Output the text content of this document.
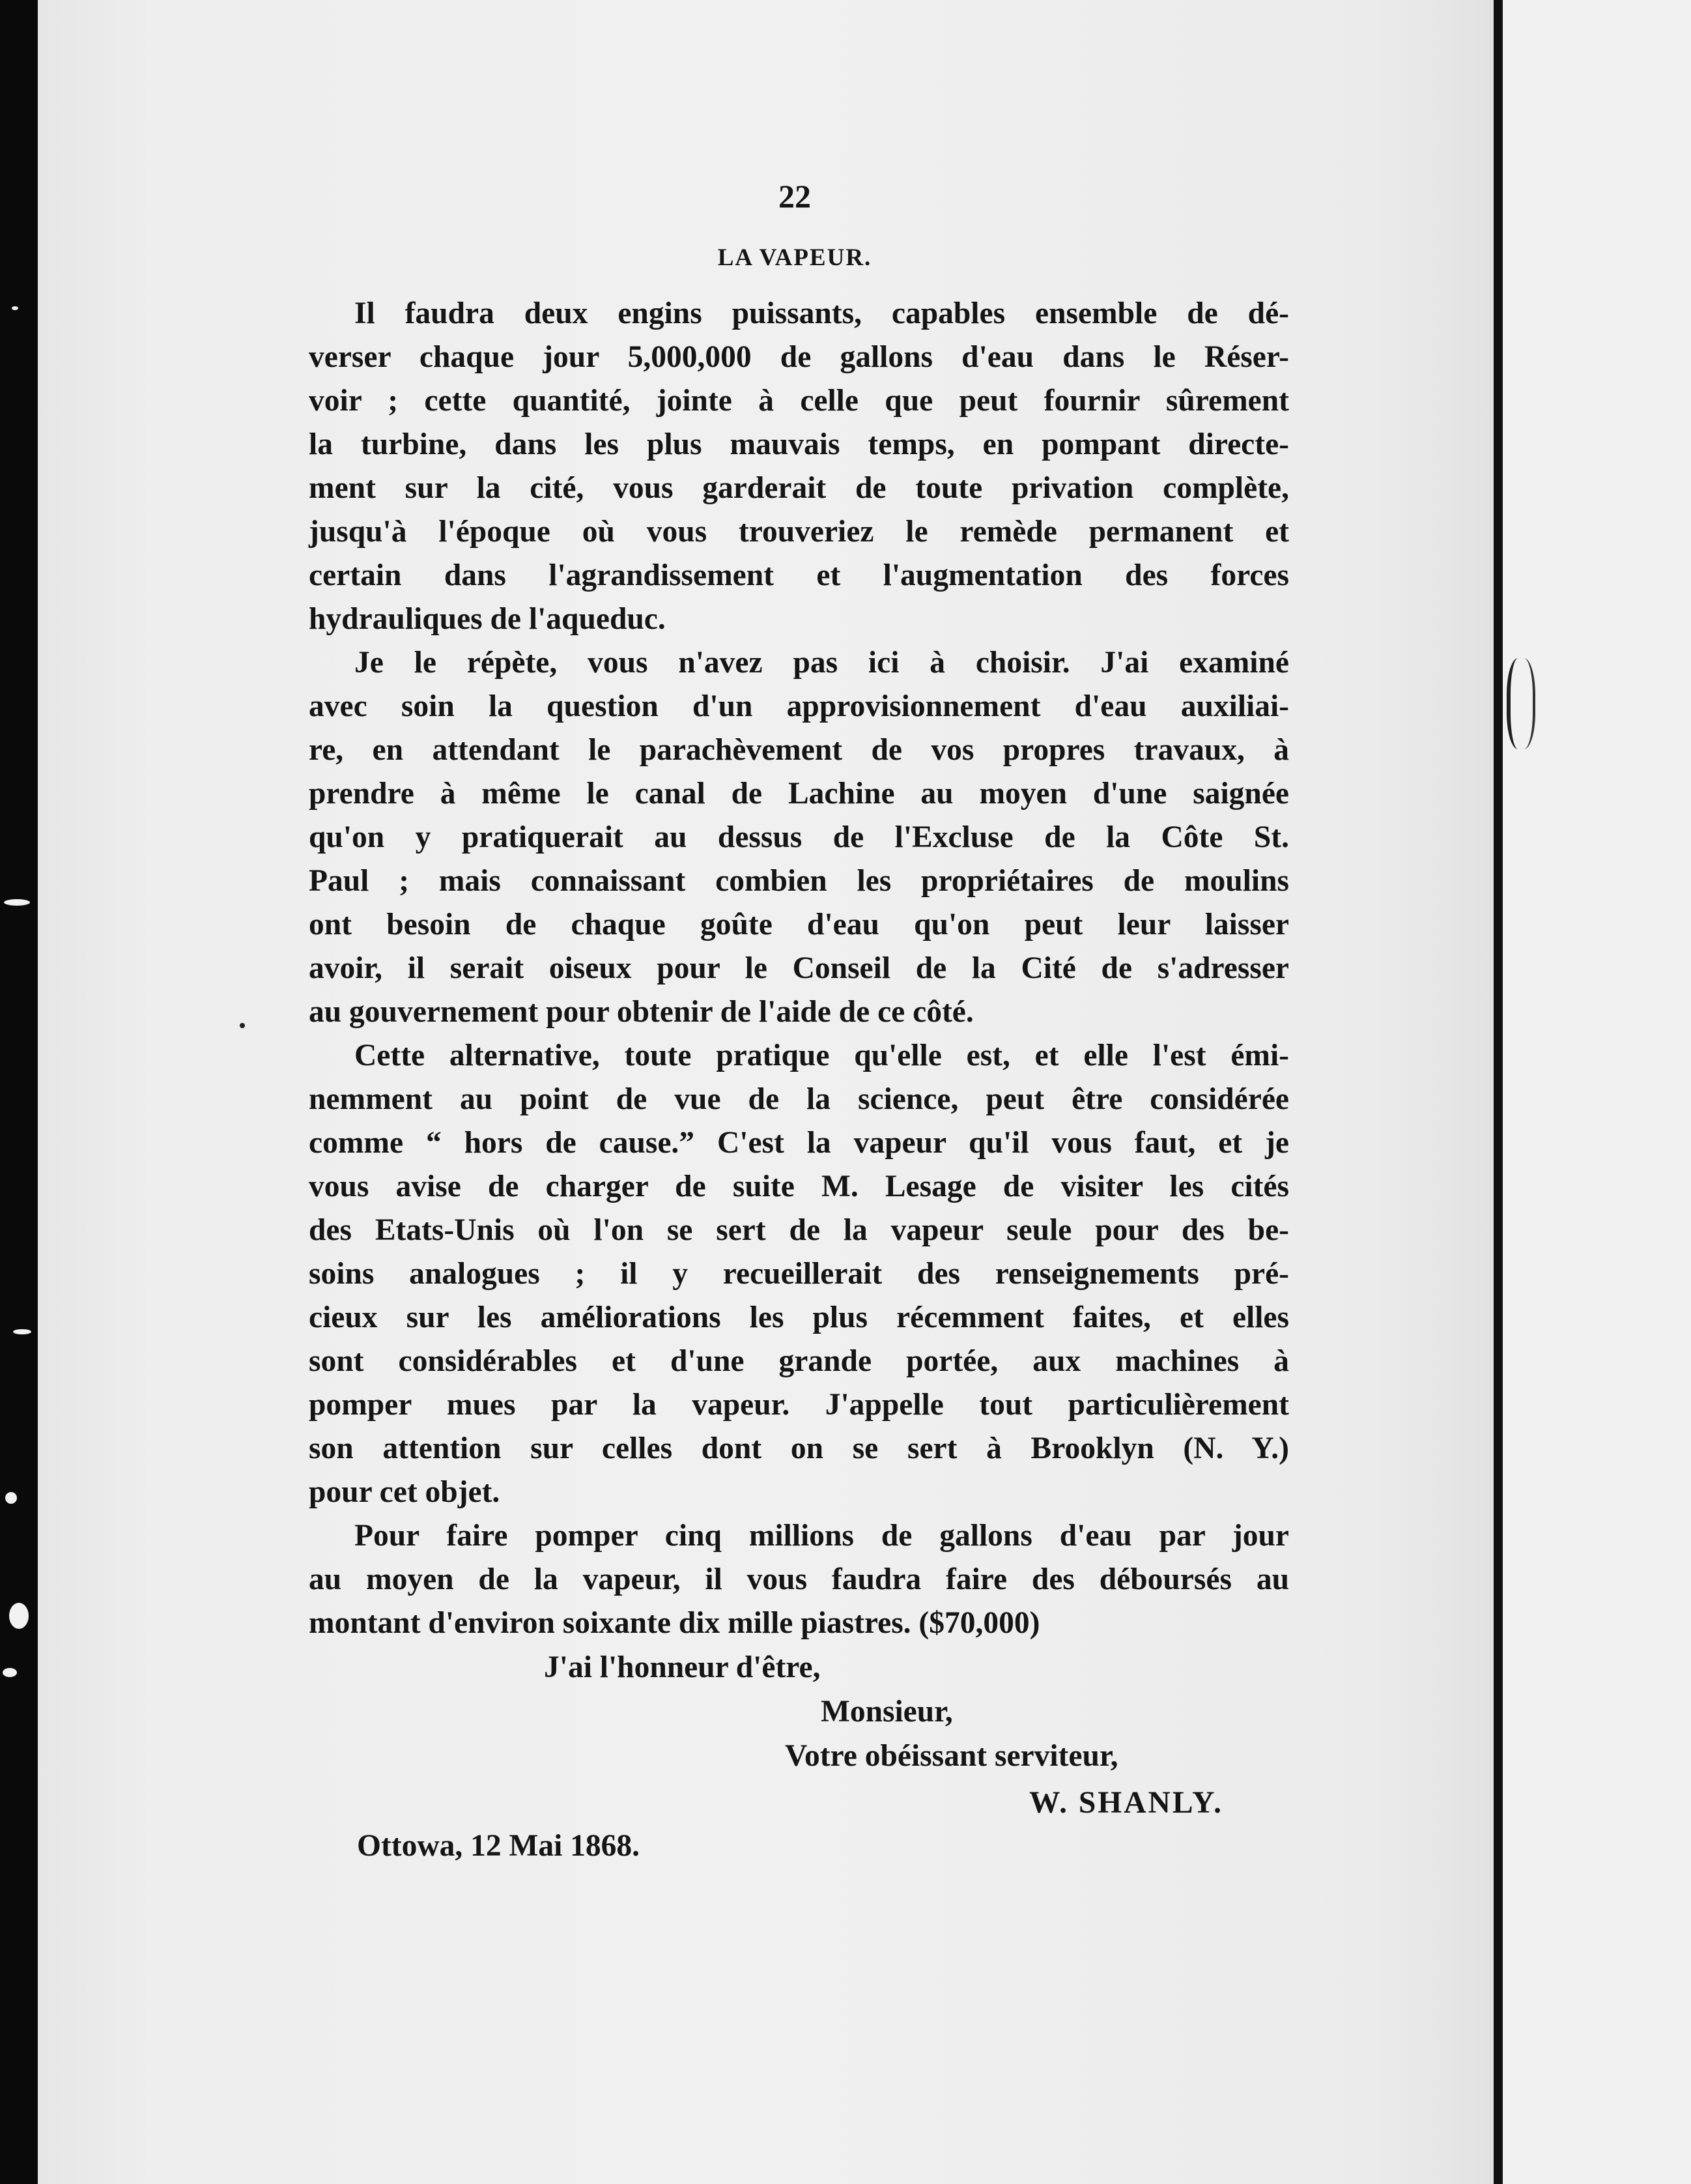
22
LA VAPEUR.

Il faudra deux engins puissants, capables ensemble de dé-
verser chaque jour 5,000,000 de gallons d'eau dans le Réser-
voir ; cette quantité, jointe à celle que peut fournir sûrement
la turbine, dans les plus mauvais temps, en pompant directe-
ment sur la cité, vous garderait de toute privation complète,
jusqu'à l'époque où vous trouveriez le remède permanent et
certain dans l'agrandissement et l'augmentation des forces
hydrauliques de l'aqueduc.

Je le répète, vous n'avez pas ici à choisir. J'ai examiné
avec soin la question d'un approvisionnement d'eau auxiliai-
re, en attendant le parachèvement de vos propres travaux, à
prendre à même le canal de Lachine au moyen d'une saignée
qu'on y pratiquerait au dessus de l'Excluse de la Côte St.
Paul ; mais connaissant combien les propriétaires de moulins
ont besoin de chaque goûte d'eau qu'on peut leur laisser
avoir, il serait oiseux pour le Conseil de la Cité de s'adresser
au gouvernement pour obtenir de l'aide de ce côté.

Cette alternative, toute pratique qu'elle est, et elle l'est émi-
nemment au point de vue de la science, peut être considérée
comme “ hors de cause.” C'est la vapeur qu'il vous faut, et je
vous avise de charger de suite M. Lesage de visiter les cités
des Etats-Unis où l'on se sert de la vapeur seule pour des be-
soins analogues ; il y recueillerait des renseignements pré-
cieux sur les améliorations les plus récemment faites, et elles
sont considérables et d'une grande portée, aux machines à
pomper mues par la vapeur. J'appelle tout particulièrement
son attention sur celles dont on se sert à Brooklyn (N. Y.)
pour cet objet.

Pour faire pomper cinq millions de gallons d'eau par jour
au moyen de la vapeur, il vous faudra faire des déboursés au
montant d'environ soixante dix mille piastres. ($70,000)

J'ai l'honneur d'être,
Monsieur,
Votre obéissant serviteur,
W. SHANLY.
Ottowa, 12 Mai 1868.
